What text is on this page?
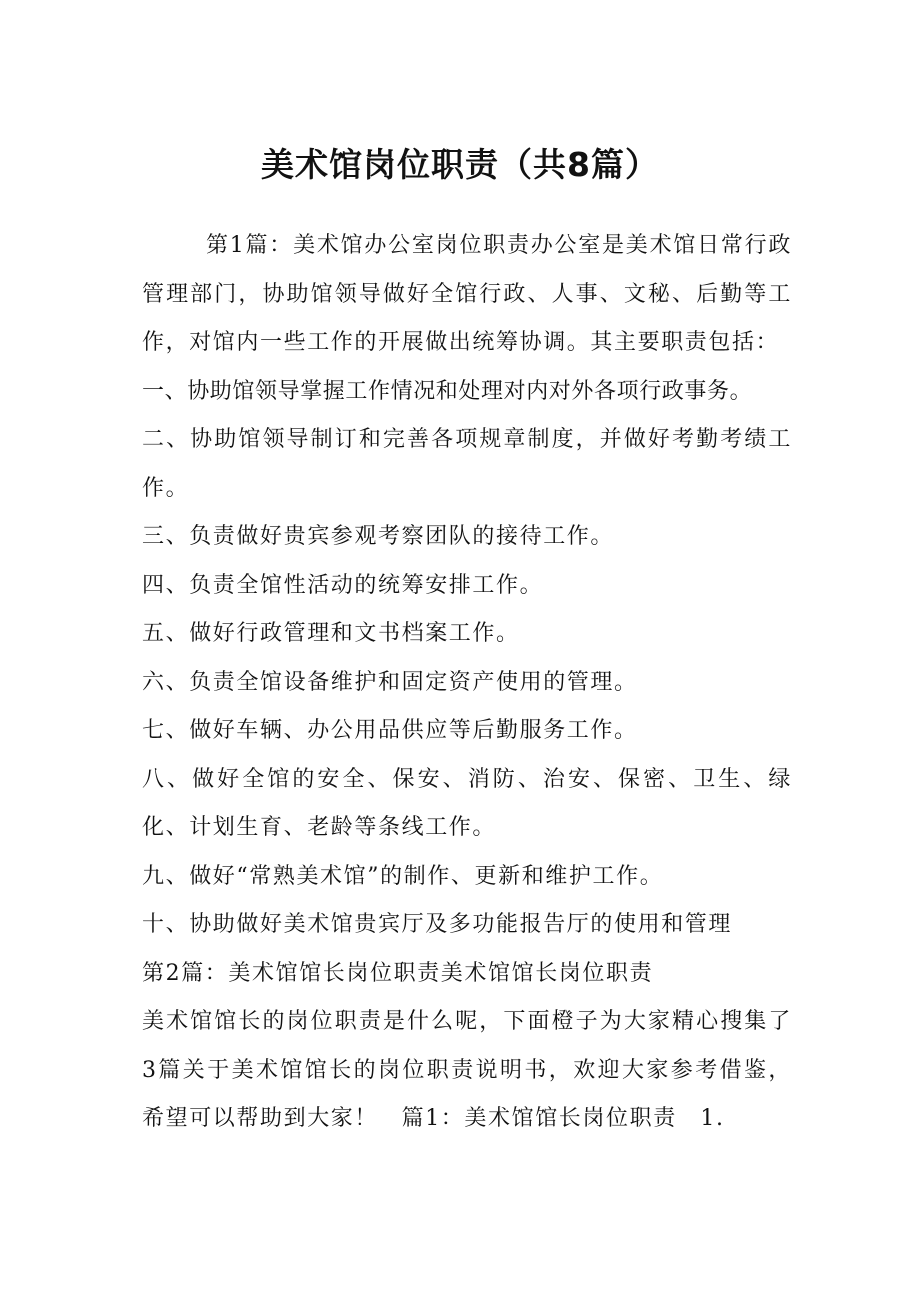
美术馆岗位职责（共8篇）

第1篇：美术馆办公室岗位职责办公室是美术馆日常行政管理部门，协助馆领导做好全馆行政、人事、文秘、后勤等工作，对馆内一些工作的开展做出统筹协调。其主要职责包括：

一、协助馆领导掌握工作情况和处理对内对外各项行政事务。

二、协助馆领导制订和完善各项规章制度，并做好考勤考绩工作。

三、负责做好贵宾参观考察团队的接待工作。

四、负责全馆性活动的统筹安排工作。

五、做好行政管理和文书档案工作。

六、负责全馆设备维护和固定资产使用的管理。

七、做好车辆、办公用品供应等后勤服务工作。

八、做好全馆的安全、保安、消防、治安、保密、卫生、绿化、计划生育、老龄等条线工作。

九、做好“常熟美术馆”的制作、更新和维护工作。

十、协助做好美术馆贵宾厅及多功能报告厅的使用和管理

第2篇：美术馆馆长岗位职责美术馆馆长岗位职责

美术馆馆长的岗位职责是什么呢，下面橙子为大家精心搜集了3篇关于美术馆馆长的岗位职责说明书，欢迎大家参考借鉴，希望可以帮助到大家！　篇1：美术馆馆长岗位职责　1.
